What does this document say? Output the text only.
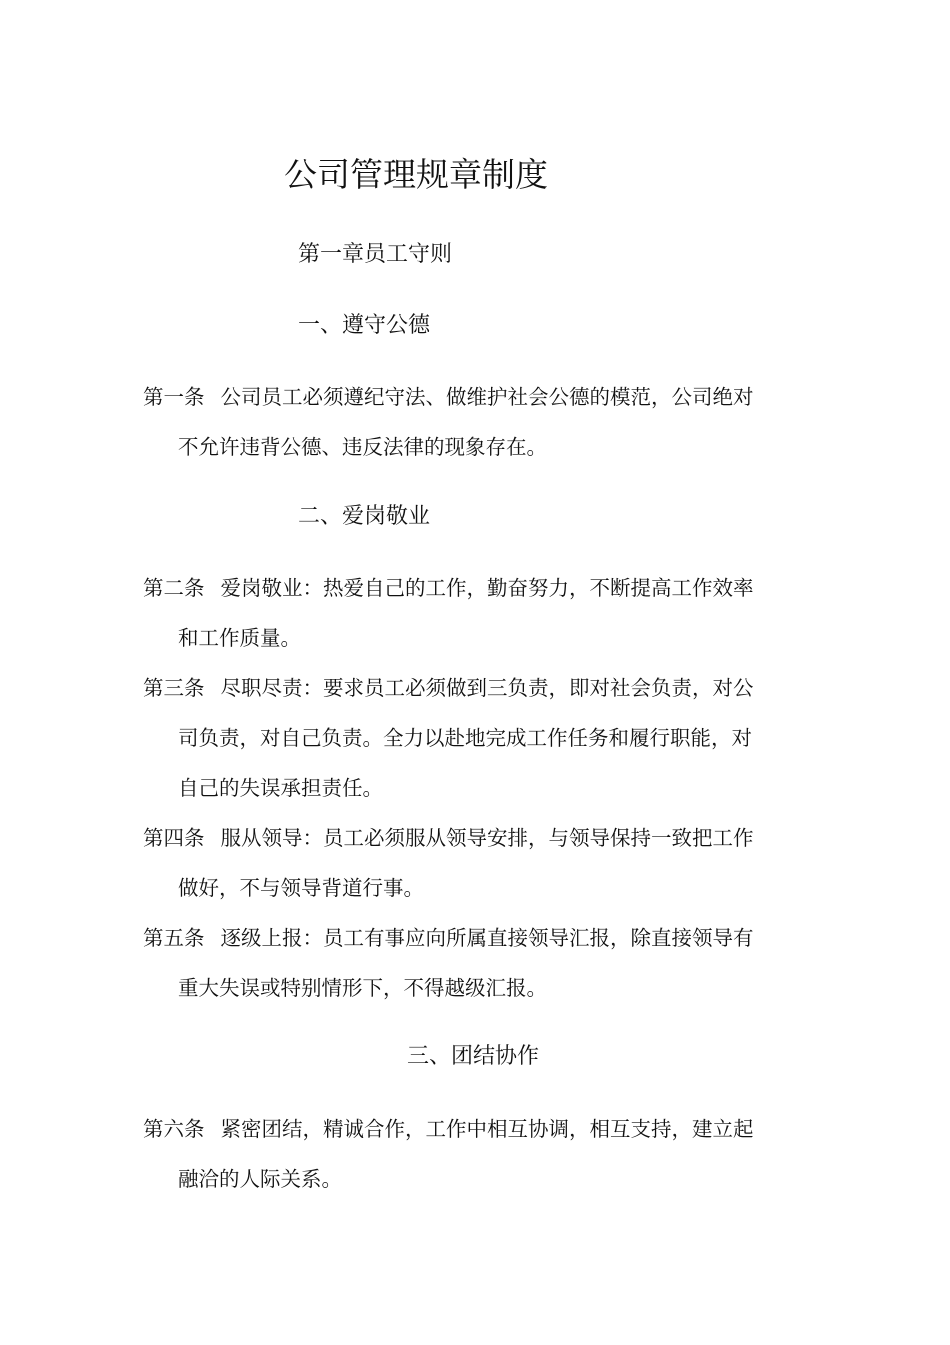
公司管理规章制度
第一章员工守则
一、遵守公德
第一条 公司员工必须遵纪守法、做维护社会公德的模范，公司绝对
不允许违背公德、违反法律的现象存在。
二、爱岗敬业
第二条 爱岗敬业：热爱自己的工作，勤奋努力，不断提高工作效率
和工作质量。
第三条 尽职尽责：要求员工必须做到三负责，即对社会负责，对公
司负责，对自己负责。全力以赴地完成工作任务和履行职能，对
自己的失误承担责任。
第四条 服从领导：员工必须服从领导安排，与领导保持一致把工作
做好，不与领导背道行事。
第五条 逐级上报：员工有事应向所属直接领导汇报，除直接领导有
重大失误或特别情形下，不得越级汇报。
三、团结协作
第六条 紧密团结，精诚合作，工作中相互协调，相互支持，建立起
融洽的人际关系。
